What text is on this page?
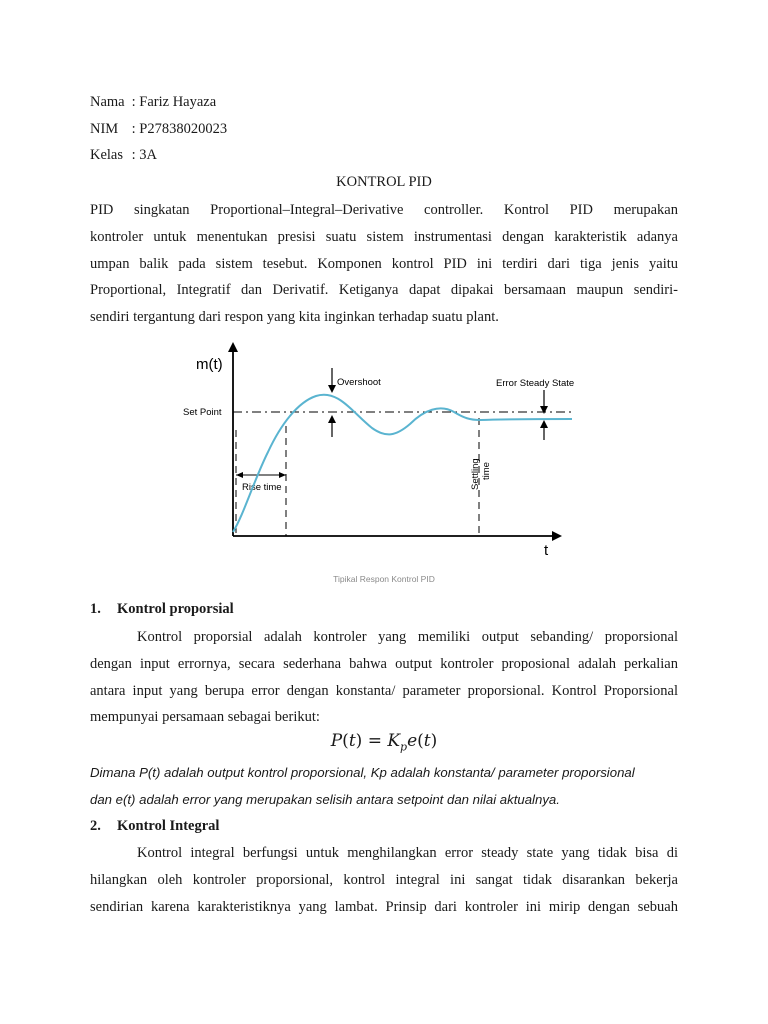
Nama : Fariz Hayaza
NIM : P27838020023
Kelas : 3A
KONTROL PID
PID singkatan Proportional–Integral–Derivative controller. Kontrol PID merupakan
kontroler untuk menentukan presisi suatu sistem instrumentasi dengan karakteristik adanya
umpan balik pada sistem tesebut. Komponen kontrol PID ini terdiri dari tiga jenis yaitu
Proportional, Integratif dan Derivatif. Ketiganya dapat dipakai bersamaan maupun sendiri-
sendiri tergantung dari respon yang kita inginkan terhadap suatu plant.
m(t)
t
Set Point
Rise time	Settling time
Overshoot	Error Steady State
Tipikal Respon Kontrol PID
1. Kontrol proporsial
Kontrol proporsial adalah kontroler yang memiliki output sebanding/ proporsional
dengan input errornya, secara sederhana bahwa output kontroler proposional adalah perkalian
antara input yang berupa error dengan konstanta/ parameter proporsional. Kontrol Proporsional
mempunyai persamaan sebagai berikut:
$P(t) = K_pe(t)$
Dimana P(t) adalah output kontrol proporsional, Kp adalah konstanta/ parameter proporsional
dan e(t) adalah error yang merupakan selisih antara setpoint dan nilai aktualnya.
2. Kontrol Integral
Kontrol integral berfungsi untuk menghilangkan error steady state yang tidak bisa di
hilangkan oleh kontroler proporsional, kontrol integral ini sangat tidak disarankan bekerja
sendirian karena karakteristiknya yang lambat. Prinsip dari kontroler ini mirip dengan sebuah
